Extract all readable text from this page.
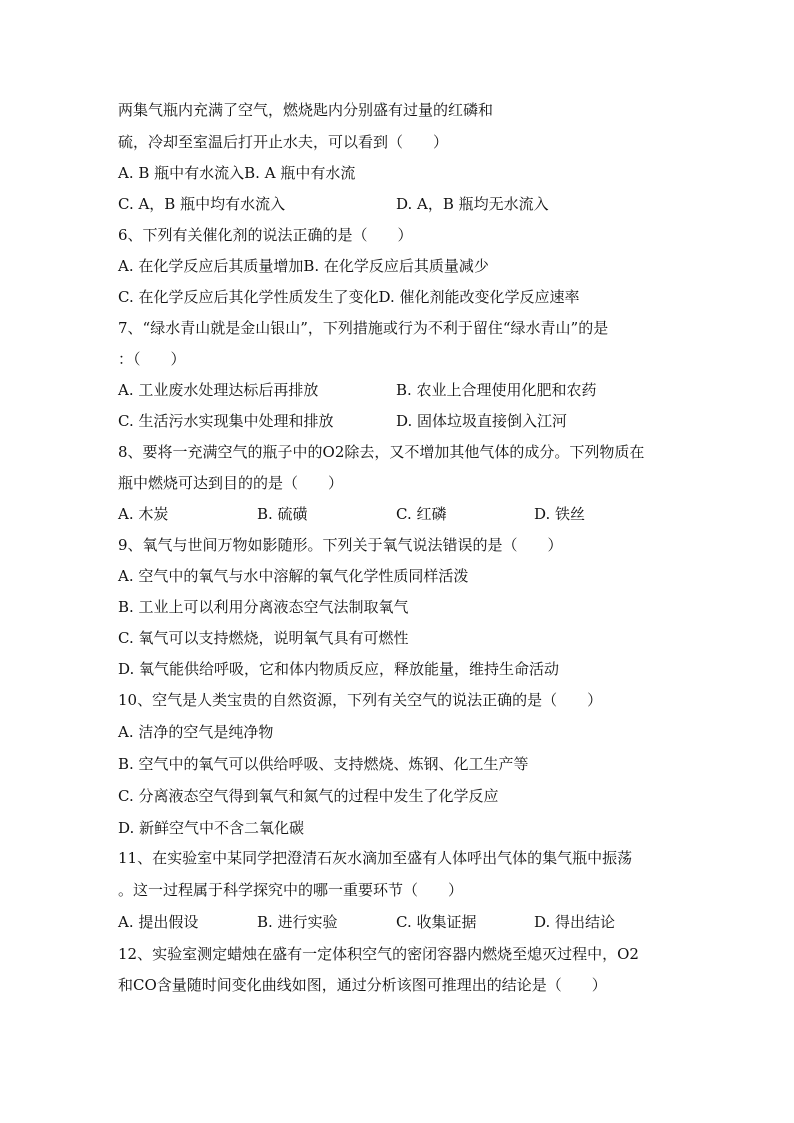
两集气瓶内充满了空气，燃烧匙内分别盛有过量的红磷和
硫，冷却至室温后打开止水夫，可以看到（　　）
A. B 瓶中有水流入B. A 瓶中有水流
C. A，B 瓶中均有水流入	D. A，B 瓶均无水流入
6、下列有关催化剂的说法正确的是（　　）
A. 在化学反应后其质量增加B. 在化学反应后其质量减少
C. 在化学反应后其化学性质发生了变化D. 催化剂能改变化学反应速率
7、“绿水青山就是金山银山”，下列措施或行为不利于留住“绿水青山”的是
：（　　）
A. 工业废水处理达标后再排放	B. 农业上合理使用化肥和农药
C. 生活污水实现集中处理和排放	D. 固体垃圾直接倒入江河
8、要将一充满空气的瓶子中的O2除去，又不增加其他气体的成分。下列物质在
瓶中燃烧可达到目的的是（　　）
A. 木炭	B. 硫磺	C. 红磷	D. 铁丝
9、氧气与世间万物如影随形。下列关于氧气说法错误的是（　　）
A. 空气中的氧气与水中溶解的氧气化学性质同样活泼
B. 工业上可以利用分离液态空气法制取氧气
C. 氧气可以支持燃烧，说明氧气具有可燃性
D. 氧气能供给呼吸，它和体内物质反应，释放能量，维持生命活动
10、空气是人类宝贵的自然资源，下列有关空气的说法正确的是（　　）
A. 洁净的空气是纯净物
B. 空气中的氧气可以供给呼吸、支持燃烧、炼钢、化工生产等
C. 分离液态空气得到氧气和氮气的过程中发生了化学反应
D. 新鲜空气中不含二氧化碳
11、在实验室中某同学把澄清石灰水滴加至盛有人体呼出气体的集气瓶中振荡
。这一过程属于科学探究中的哪一重要环节（　　）
A. 提出假设	B. 进行实验	C. 收集证据	D. 得出结论
12、实验室测定蜡烛在盛有一定体积空气的密闭容器内燃烧至熄灭过程中，O2
和CO含量随时间变化曲线如图，通过分析该图可推理出的结论是（　　）
